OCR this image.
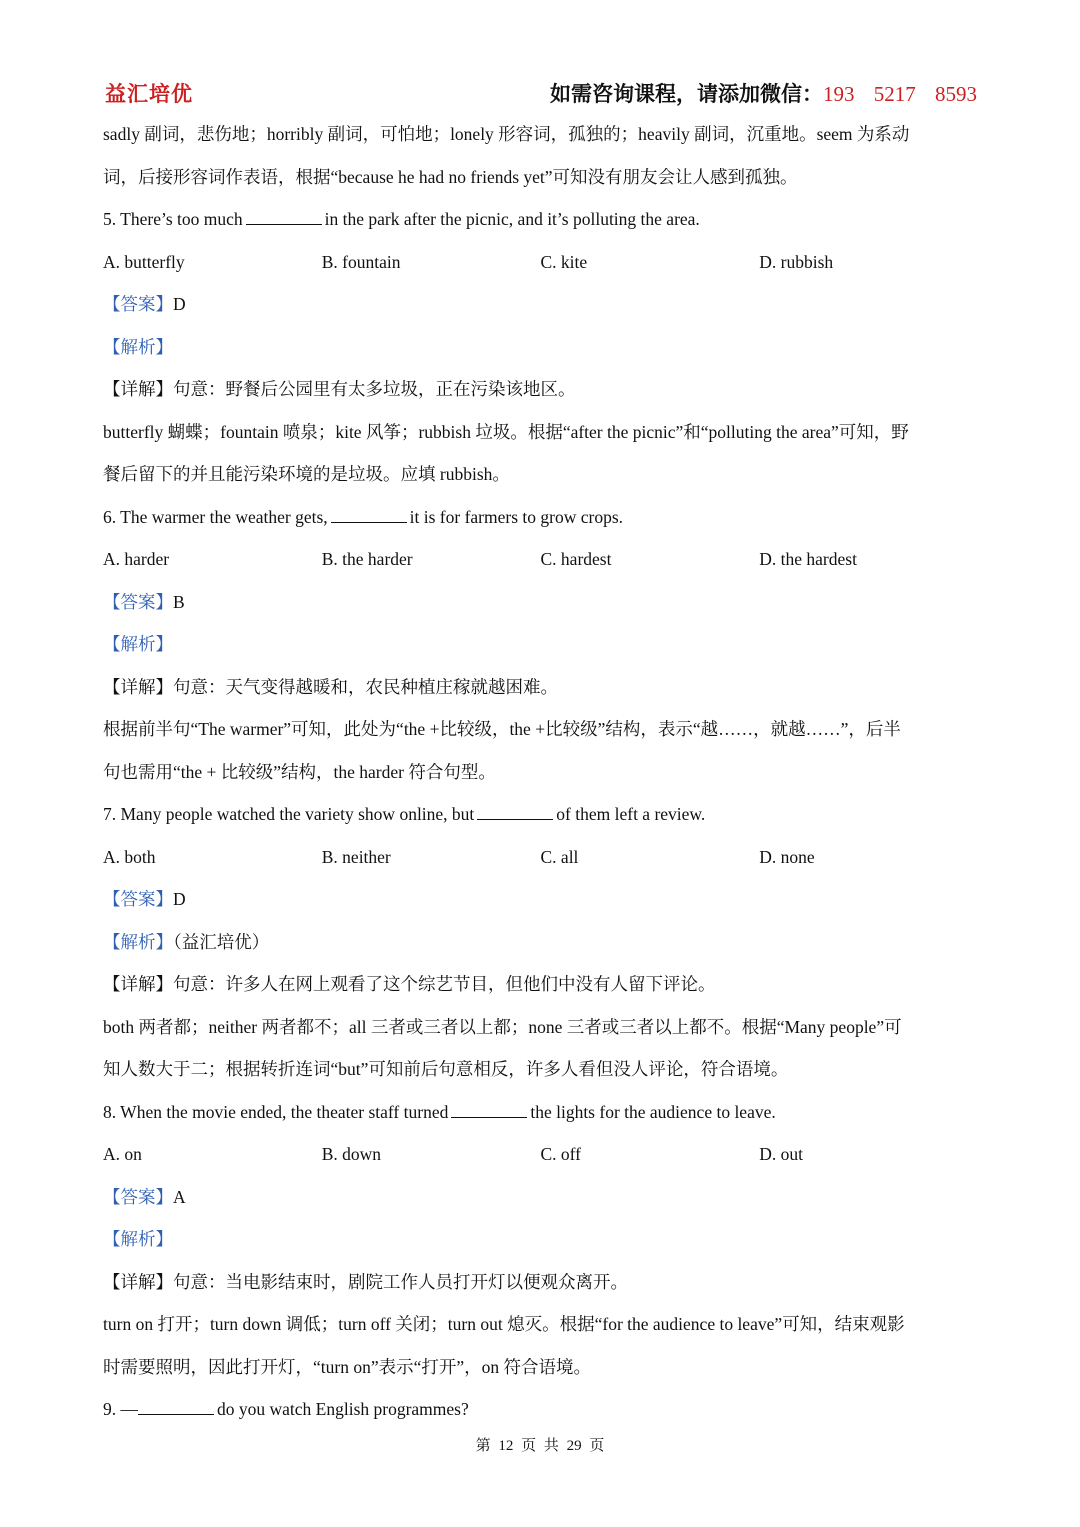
益汇培优	如需咨询课程，请添加微信：193 5217 8593
sadly 副词，悲伤地；horribly 副词，可怕地；lonely 形容词，孤独的；heavily 副词，沉重地。seem 为系动
词，后接形容词作表语，根据“because he had no friends yet”可知没有朋友会让人感到孤独。
5. There’s too much	in the park after the picnic, and it’s polluting the area.
A. butterfly	B. fountain	C. kite	D. rubbish
【答案】D
【解析】
【详解】句意：野餐后公园里有太多垃圾，正在污染该地区。
butterfly 蝴蝶；fountain 喷泉；kite 风筝；rubbish 垃圾。根据“after the picnic”和“polluting the area”可知，野
餐后留下的并且能污染环境的是垃圾。应填 rubbish。
6. The warmer the weather gets,	it is for farmers to grow crops.
A. harder	B. the harder	C. hardest	D. the hardest
【答案】B
【解析】
【详解】句意：天气变得越暖和，农民种植庄稼就越困难。
根据前半句“The warmer”可知，此处为“the +比较级，the +比较级”结构，表示“越……，就越……”，后半
句也需用“the + 比较级”结构，the harder 符合句型。
7. Many people watched the variety show online, but	of them left a review.
A. both	B. neither	C. all	D. none
【答案】D
【解析】（益汇培优）
【详解】句意：许多人在网上观看了这个综艺节目，但他们中没有人留下评论。
both 两者都；neither 两者都不；all 三者或三者以上都；none 三者或三者以上都不。根据“Many people”可
知人数大于二；根据转折连词“but”可知前后句意相反，许多人看但没人评论，符合语境。
8. When the movie ended, the theater staff turned	the lights for the audience to leave.
A. on	B. down	C. off	D. out
【答案】A
【解析】
【详解】句意：当电影结束时，剧院工作人员打开灯以便观众离开。
turn on 打开；turn down 调低；turn off 关闭；turn out 熄灭。根据“for the audience to leave”可知，结束观影
时需要照明，因此打开灯，“turn on”表示“打开”，on 符合语境。
9. —	do you watch English programmes?
第 12 页 共 29 页
